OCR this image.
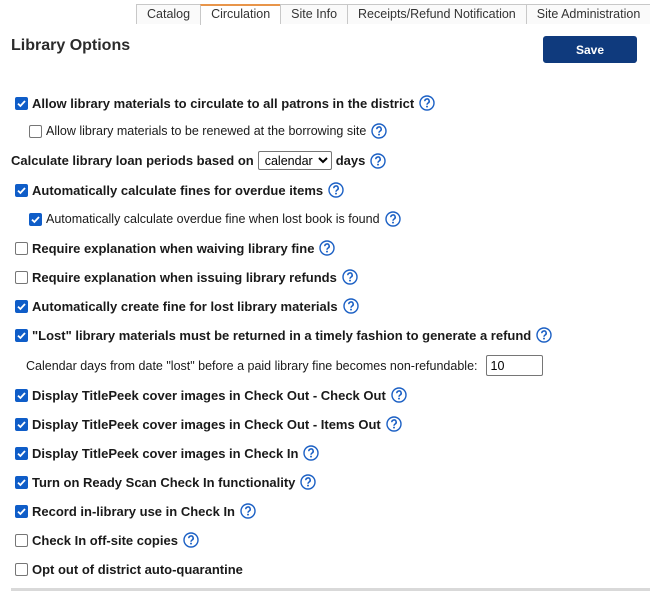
Catalog	Circulation	Site Info	Receipts/Refund Notification	Site Administration
Library Options	Save
Allow library materials to circulate to all patrons in the district
Allow library materials to be renewed at the borrowing site
Calculate library loan periods based on
calendar	days
Automatically calculate fines for overdue items
Automatically calculate overdue fine when lost book is found
Require explanation when waiving library fine
Require explanation when issuing library refunds
Automatically create fine for lost library materials
"Lost" library materials must be returned in a timely fashion to generate a refund
Calendar days from date "lost" before a paid library fine becomes non-refundable:
10
Display TitlePeek cover images in Check Out - Check Out
Display TitlePeek cover images in Check Out - Items Out
Display TitlePeek cover images in Check In
Turn on Ready Scan Check In functionality
Record in-library use in Check In
Check In off-site copies
Opt out of district auto-quarantine
